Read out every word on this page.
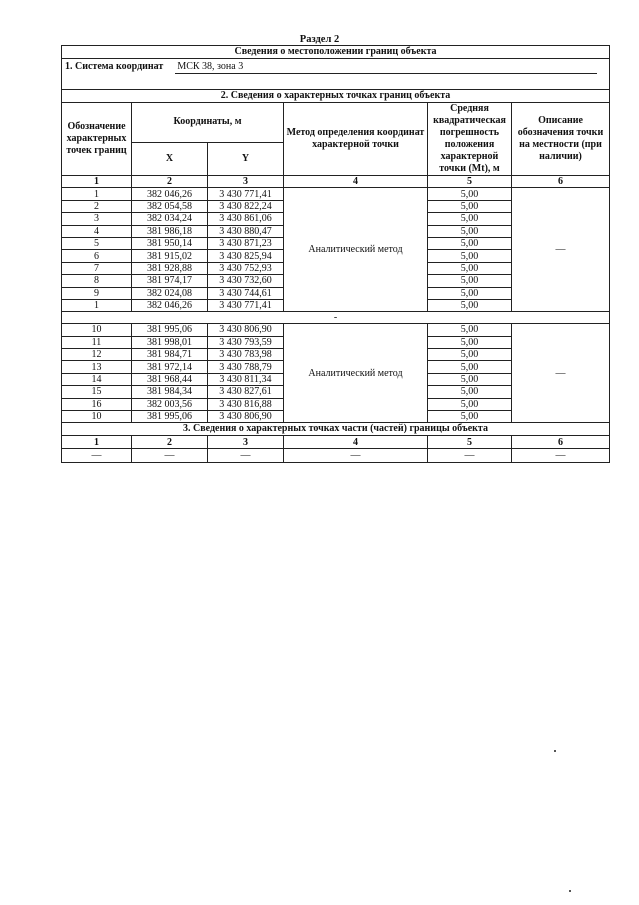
Раздел 2
Сведения о местоположении границ объекта					
1. Система координат МСК 38, зона 3					
2. Сведения о характерных точках границ объекта					
Обозначение характерных точек границ	Координаты, м		Метод определения координат характерной точки	Средняя квадратическая погрешность положения характерной точки (Mt), м	Описание обозначения точки на местности (при наличии)
	X	Y			
1	2	3	4	5	6
1	382 046,26	3 430 771,41	Аналитический метод	5,00	—
2	382 054,58	3 430 822,24		5,00	
3	382 034,24	3 430 861,06		5,00	
4	381 986,18	3 430 880,47		5,00	
5	381 950,14	3 430 871,23		5,00	
6	381 915,02	3 430 825,94		5,00	
7	381 928,88	3 430 752,93		5,00	
8	381 974,17	3 430 732,60		5,00	
9	382 024,08	3 430 744,61		5,00	
1	382 046,26	3 430 771,41		5,00	
-					
10	381 995,06	3 430 806,90	Аналитический метод	5,00	—
11	381 998,01	3 430 793,59		5,00	
12	381 984,71	3 430 783,98		5,00	
13	381 972,14	3 430 788,79		5,00	
14	381 968,44	3 430 811,34		5,00	
15	381 984,34	3 430 827,61		5,00	
16	382 003,56	3 430 816,88		5,00	
10	381 995,06	3 430 806,90		5,00	
3. Сведения о характерных точках части (частей) границы объекта					
1	2	3	4	5	6
—	—	—	—	—	—
